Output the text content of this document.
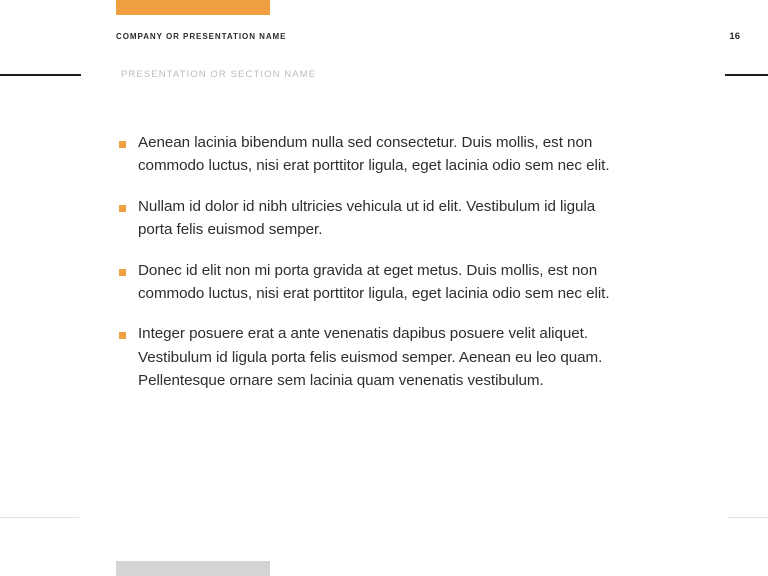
COMPANY OR PRESENTATION NAME	16
PRESENTATION OR SECTION NAME
Aenean lacinia bibendum nulla sed consectetur. Duis mollis, est non commodo luctus, nisi erat porttitor ligula, eget lacinia odio sem nec elit.
Nullam id dolor id nibh ultricies vehicula ut id elit. Vestibulum id ligula porta felis euismod semper.
Donec id elit non mi porta gravida at eget metus. Duis mollis, est non commodo luctus, nisi erat porttitor ligula, eget lacinia odio sem nec elit.
Integer posuere erat a ante venenatis dapibus posuere velit aliquet. Vestibulum id ligula porta felis euismod semper. Aenean eu leo quam. Pellentesque ornare sem lacinia quam venenatis vestibulum.
